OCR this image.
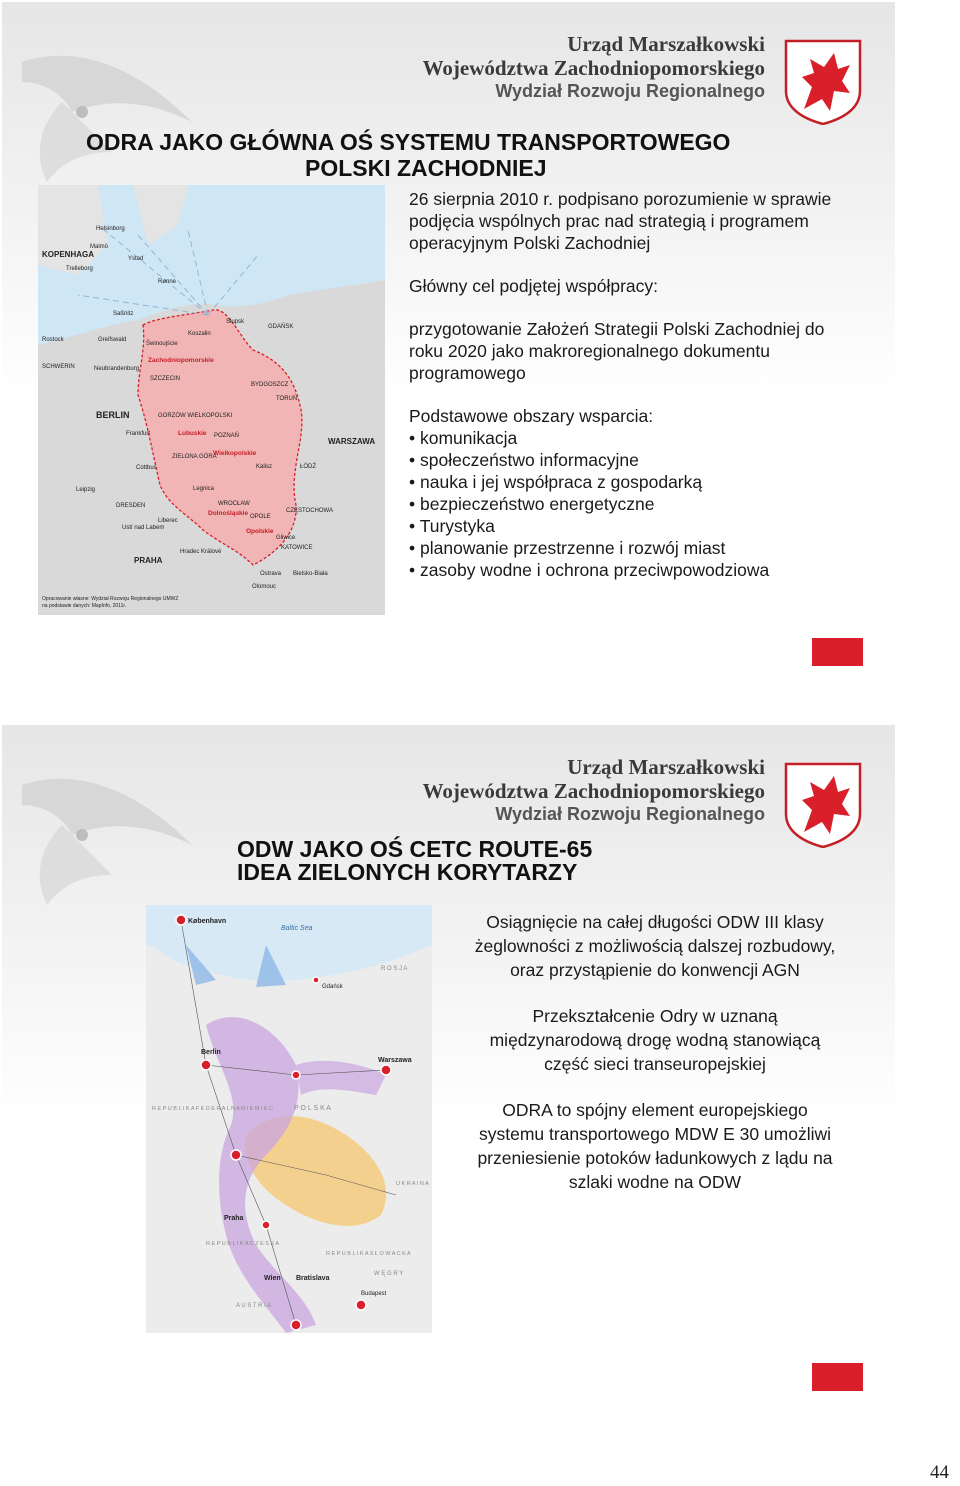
Urząd Marszałkowski
Województwa Zachodniopomorskiego
Wydział Rozwoju Regionalnego
ODRA JAKO GŁÓWNA OŚ SYSTEMU TRANSPORTOWEGO
POLSKI ZACHODNIEJ
KOPENHAGA
Helsinborg
Malmö
Ystad
Trelleborg
Rønne
Rostock	Greifswald
Saßnitz
Świnoujście
Zachodniopomorskie
SZCZECIN
Neubrandenburg
SCHWERIN
Słupsk
Koszalin
GDAŃSK
BYDGOSZCZ
TORUŃ
BERLIN
Frankfurt
GORZÓW WIELKOPOLSKI
Lubuskie POZNAŃ
Wielkopolskie
WARSZAWA
ŁÓDŹ
Kalisz
Cottbus
ZIELONA GÓRA
Leipzig
DRESDEN
Legnica
WROCŁAW
Dolnośląskie OPOLE
Opolskie
CZĘSTOCHOWA
KATOWICE
Gliwice
Liberec
Ustí nad Labem
PRAHA
Hradec Králové
Ostrava Bielsko-Biała
Olomouc
Opracowanie własne: Wydział Rozwoju Regionalnego UMWZ
na podstawie danych: MapInfo, 2011r.

26 sierpnia 2010 r. podpisano porozumienie w sprawie podjęcia wspólnych prac nad strategią i programem operacyjnym Polski Zachodniej

Główny cel podjętej współpracy:

przygotowanie Założeń Strategii Polski Zachodniej do roku 2020 jako makroregionalnego dokumentu programowego

Podstawowe obszary wsparcia:
• komunikacja
• społeczeństwo informacyjne
• nauka i jej współpraca z gospodarką
• bezpieczeństwo energetyczne
• Turystyka
• planowanie przestrzenne i rozwój miast
• zasoby wodne i ochrona przeciwpowodziowa
Urząd Marszałkowski
Województwa Zachodniopomorskiego
Wydział Rozwoju Regionalnego
ODW JAKO OŚ CETC ROUTE-65
IDEA ZIELONYCH KORYTARZY
København
Baltic Sea
R O S J A
Gdańsk
Berlin
Warszawa
P O L S K A
R E P U B L I K A F E D E R A L N A N I E M I E C
Praha
R E P U B L I K A C Z E S K A
Wien Bratislava
Budapest
A U S T R I A
W Ę G R Y
R E P U B L I K A S Ł O W A C K A
U K R A I N A

Osiągnięcie na całej długości ODW III klasy żeglowności z możliwością dalszej rozbudowy, oraz przystąpienie do konwencji AGN

Przekształcenie Odry w uznaną międzynarodową drogę wodną stanowiącą część sieci transeuropejskiej

ODRA to spójny element europejskiego systemu transportowego MDW E 30 umożliwi przeniesienie potoków ładunkowych z lądu na szlaki wodne na ODW

44
